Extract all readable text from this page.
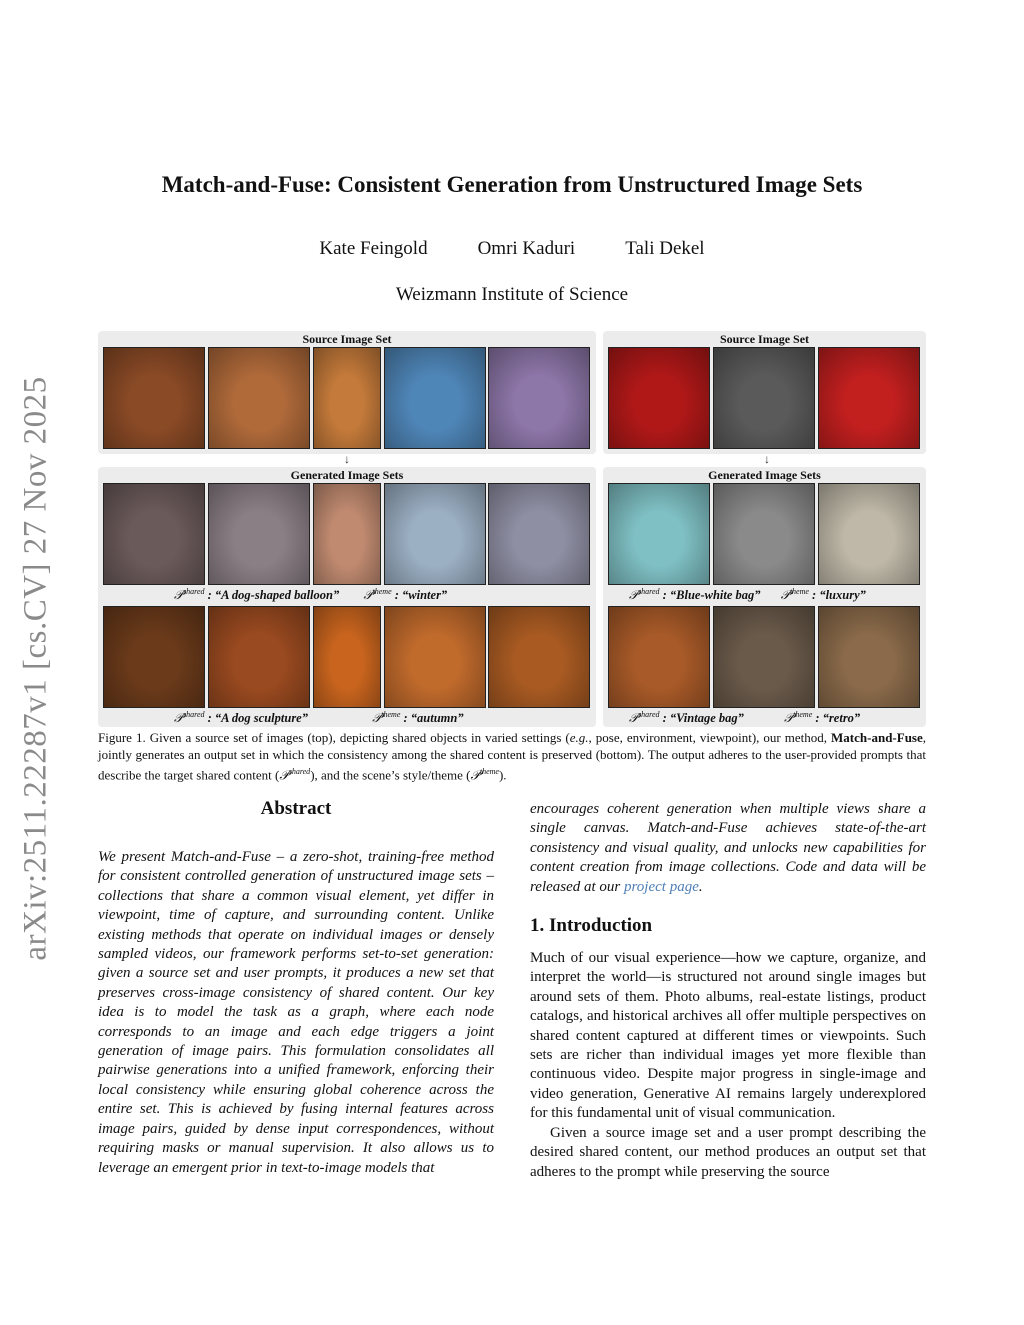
arXiv:2511.22287v1 [cs.CV] 27 Nov 2025
Match-and-Fuse: Consistent Generation from Unstructured Image Sets
Kate Feingold	Omri Kaduri	Tali Dekel
Weizmann Institute of Science
Source Image Set	Source Image Set
↓	↓
Generated Image Sets
𝒫$^{shared}$ : “A dog-shaped balloon” 𝒫$^{theme}$ : “winter”
𝒫$^{shared}$ : “A dog sculpture”	𝒫$^{theme}$ : “autumn”
Generated Image Sets
𝒫$^{shared}$ : “Blue-white bag” 𝒫$^{theme}$ : “luxury”
𝒫$^{shared}$ : “Vintage bag”	𝒫$^{theme}$ : “retro”
Figure 1. Given a source set of images (top), depicting shared objects in varied settings (e.g., pose, environment, viewpoint), our method, Match-and-Fuse, jointly generates an output set in which the consistency among the shared content is preserved (bottom). The output adheres to the user-provided prompts that describe the target shared content (𝒫$^{shared}$), and the scene’s style/theme (𝒫$^{theme}$).
Abstract

We present Match-and-Fuse – a zero-shot, training-free method for consistent controlled generation of unstructured image sets – collections that share a common visual element, yet differ in viewpoint, time of capture, and surrounding content. Unlike existing methods that operate on individual images or densely sampled videos, our framework performs set-to-set generation: given a source set and user prompts, it produces a new set that preserves cross-image consistency of shared content. Our key idea is to model the task as a graph, where each node corresponds to an image and each edge triggers a joint generation of image pairs. This formulation consolidates all pairwise generations into a unified framework, enforcing their local consistency while ensuring global coherence across the entire set. This is achieved by fusing internal features across image pairs, guided by dense input correspondences, without requiring masks or manual supervision. It also allows us to leverage an emergent prior in text-to-image models that

encourages coherent generation when multiple views share a single canvas. Match-and-Fuse achieves state-of-the-art consistency and visual quality, and unlocks new capabilities for content creation from image collections. Code and data will be released at our project page.

1. Introduction

Much of our visual experience—how we capture, organize, and interpret the world—is structured not around single images but around sets of them. Photo albums, real-estate listings, product catalogs, and historical archives all offer multiple perspectives on shared content captured at different times or viewpoints. Such sets are richer than individual images yet more flexible than continuous video. Despite major progress in single-image and video generation, Generative AI remains largely underexplored for this fundamental unit of visual communication.

Given a source image set and a user prompt describing the desired shared content, our method produces an output set that adheres to the prompt while preserving the source
